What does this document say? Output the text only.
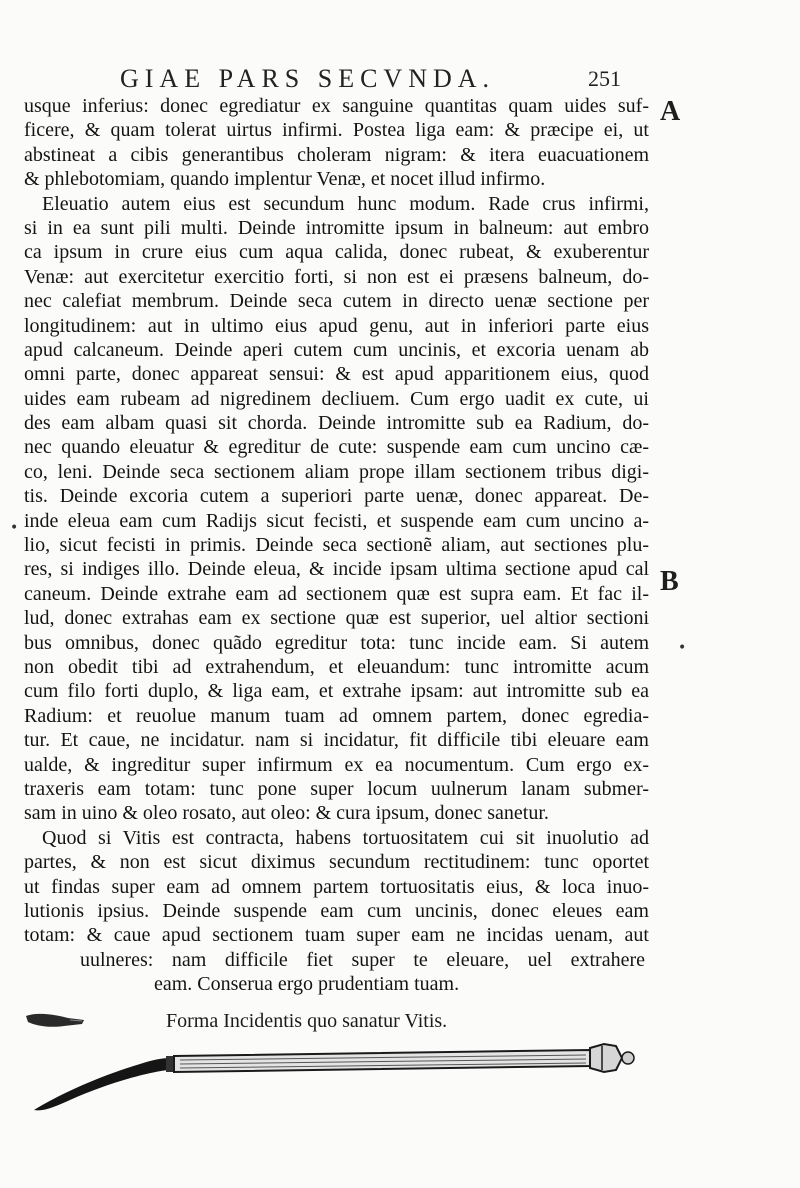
GIAE PARS SECVNDA.	251
A
B
usque inferius: donec egrediatur ex sanguine quantitas quam uides suf-
ficere, & quam tolerat uirtus infirmi. Postea liga eam: & præcipe ei, ut
abstineat a cibis generantibus choleram nigram: & itera euacuationem
& phlebotomiam, quando implentur Venæ, et nocet illud infirmo.
Eleuatio autem eius est secundum hunc modum. Rade crus infirmi,
si in ea sunt pili multi. Deinde intromitte ipsum in balneum: aut embro
ca ipsum in crure eius cum aqua calida, donec rubeat, & exuberentur
Venæ: aut exercitetur exercitio forti, si non est ei præsens balneum, do-
nec calefiat membrum. Deinde seca cutem in directo uenæ sectione per
longitudinem: aut in ultimo eius apud genu, aut in inferiori parte eius
apud calcaneum. Deinde aperi cutem cum uncinis, et excoria uenam ab
omni parte, donec appareat sensui: & est apud apparitionem eius, quod
uides eam rubeam ad nigredinem decliuem. Cum ergo uadit ex cute, ui
des eam albam quasi sit chorda. Deinde intromitte sub ea Radium, do-
nec quando eleuatur & egreditur de cute: suspende eam cum uncino cæ-
co, leni. Deinde seca sectionem aliam prope illam sectionem tribus digi-
tis. Deinde excoria cutem a superiori parte uenæ, donec appareat. De-
inde eleua eam cum Radijs sicut fecisti, et suspende eam cum uncino a-
lio, sicut fecisti in primis. Deinde seca sectionẽ aliam, aut sectiones plu-
res, si indiges illo. Deinde eleua, & incide ipsam ultima sectione apud cal
caneum. Deinde extrahe eam ad sectionem quæ est supra eam. Et fac il-
lud, donec extrahas eam ex sectione quæ est superior, uel altior sectioni
bus omnibus, donec quãdo egreditur tota: tunc incide eam. Si autem
non obedit tibi ad extrahendum, et eleuandum: tunc intromitte acum
cum filo forti duplo, & liga eam, et extrahe ipsam: aut intromitte sub ea
Radium: et reuolue manum tuam ad omnem partem, donec egredia-
tur. Et caue, ne incidatur. nam si incidatur, fit difficile tibi eleuare eam
ualde, & ingreditur super infirmum ex ea nocumentum. Cum ergo ex-
traxeris eam totam: tunc pone super locum uulnerum lanam submer-
sam in uino & oleo rosato, aut oleo: & cura ipsum, donec sanetur.
Quod si Vitis est contracta, habens tortuositatem cui sit inuolutio ad
partes, & non est sicut diximus secundum rectitudinem: tunc oportet
ut findas super eam ad omnem partem tortuositatis eius, & loca inuo-
lutionis ipsius. Deinde suspende eam cum uncinis, donec eleues eam
totam: & caue apud sectionem tuam super eam ne incidas uenam, aut
uulneres: nam difficile fiet super te eleuare, uel extrahere
eam. Conserua ergo prudentiam tuam.
Forma Incidentis quo sanatur Vitis.
•
•
